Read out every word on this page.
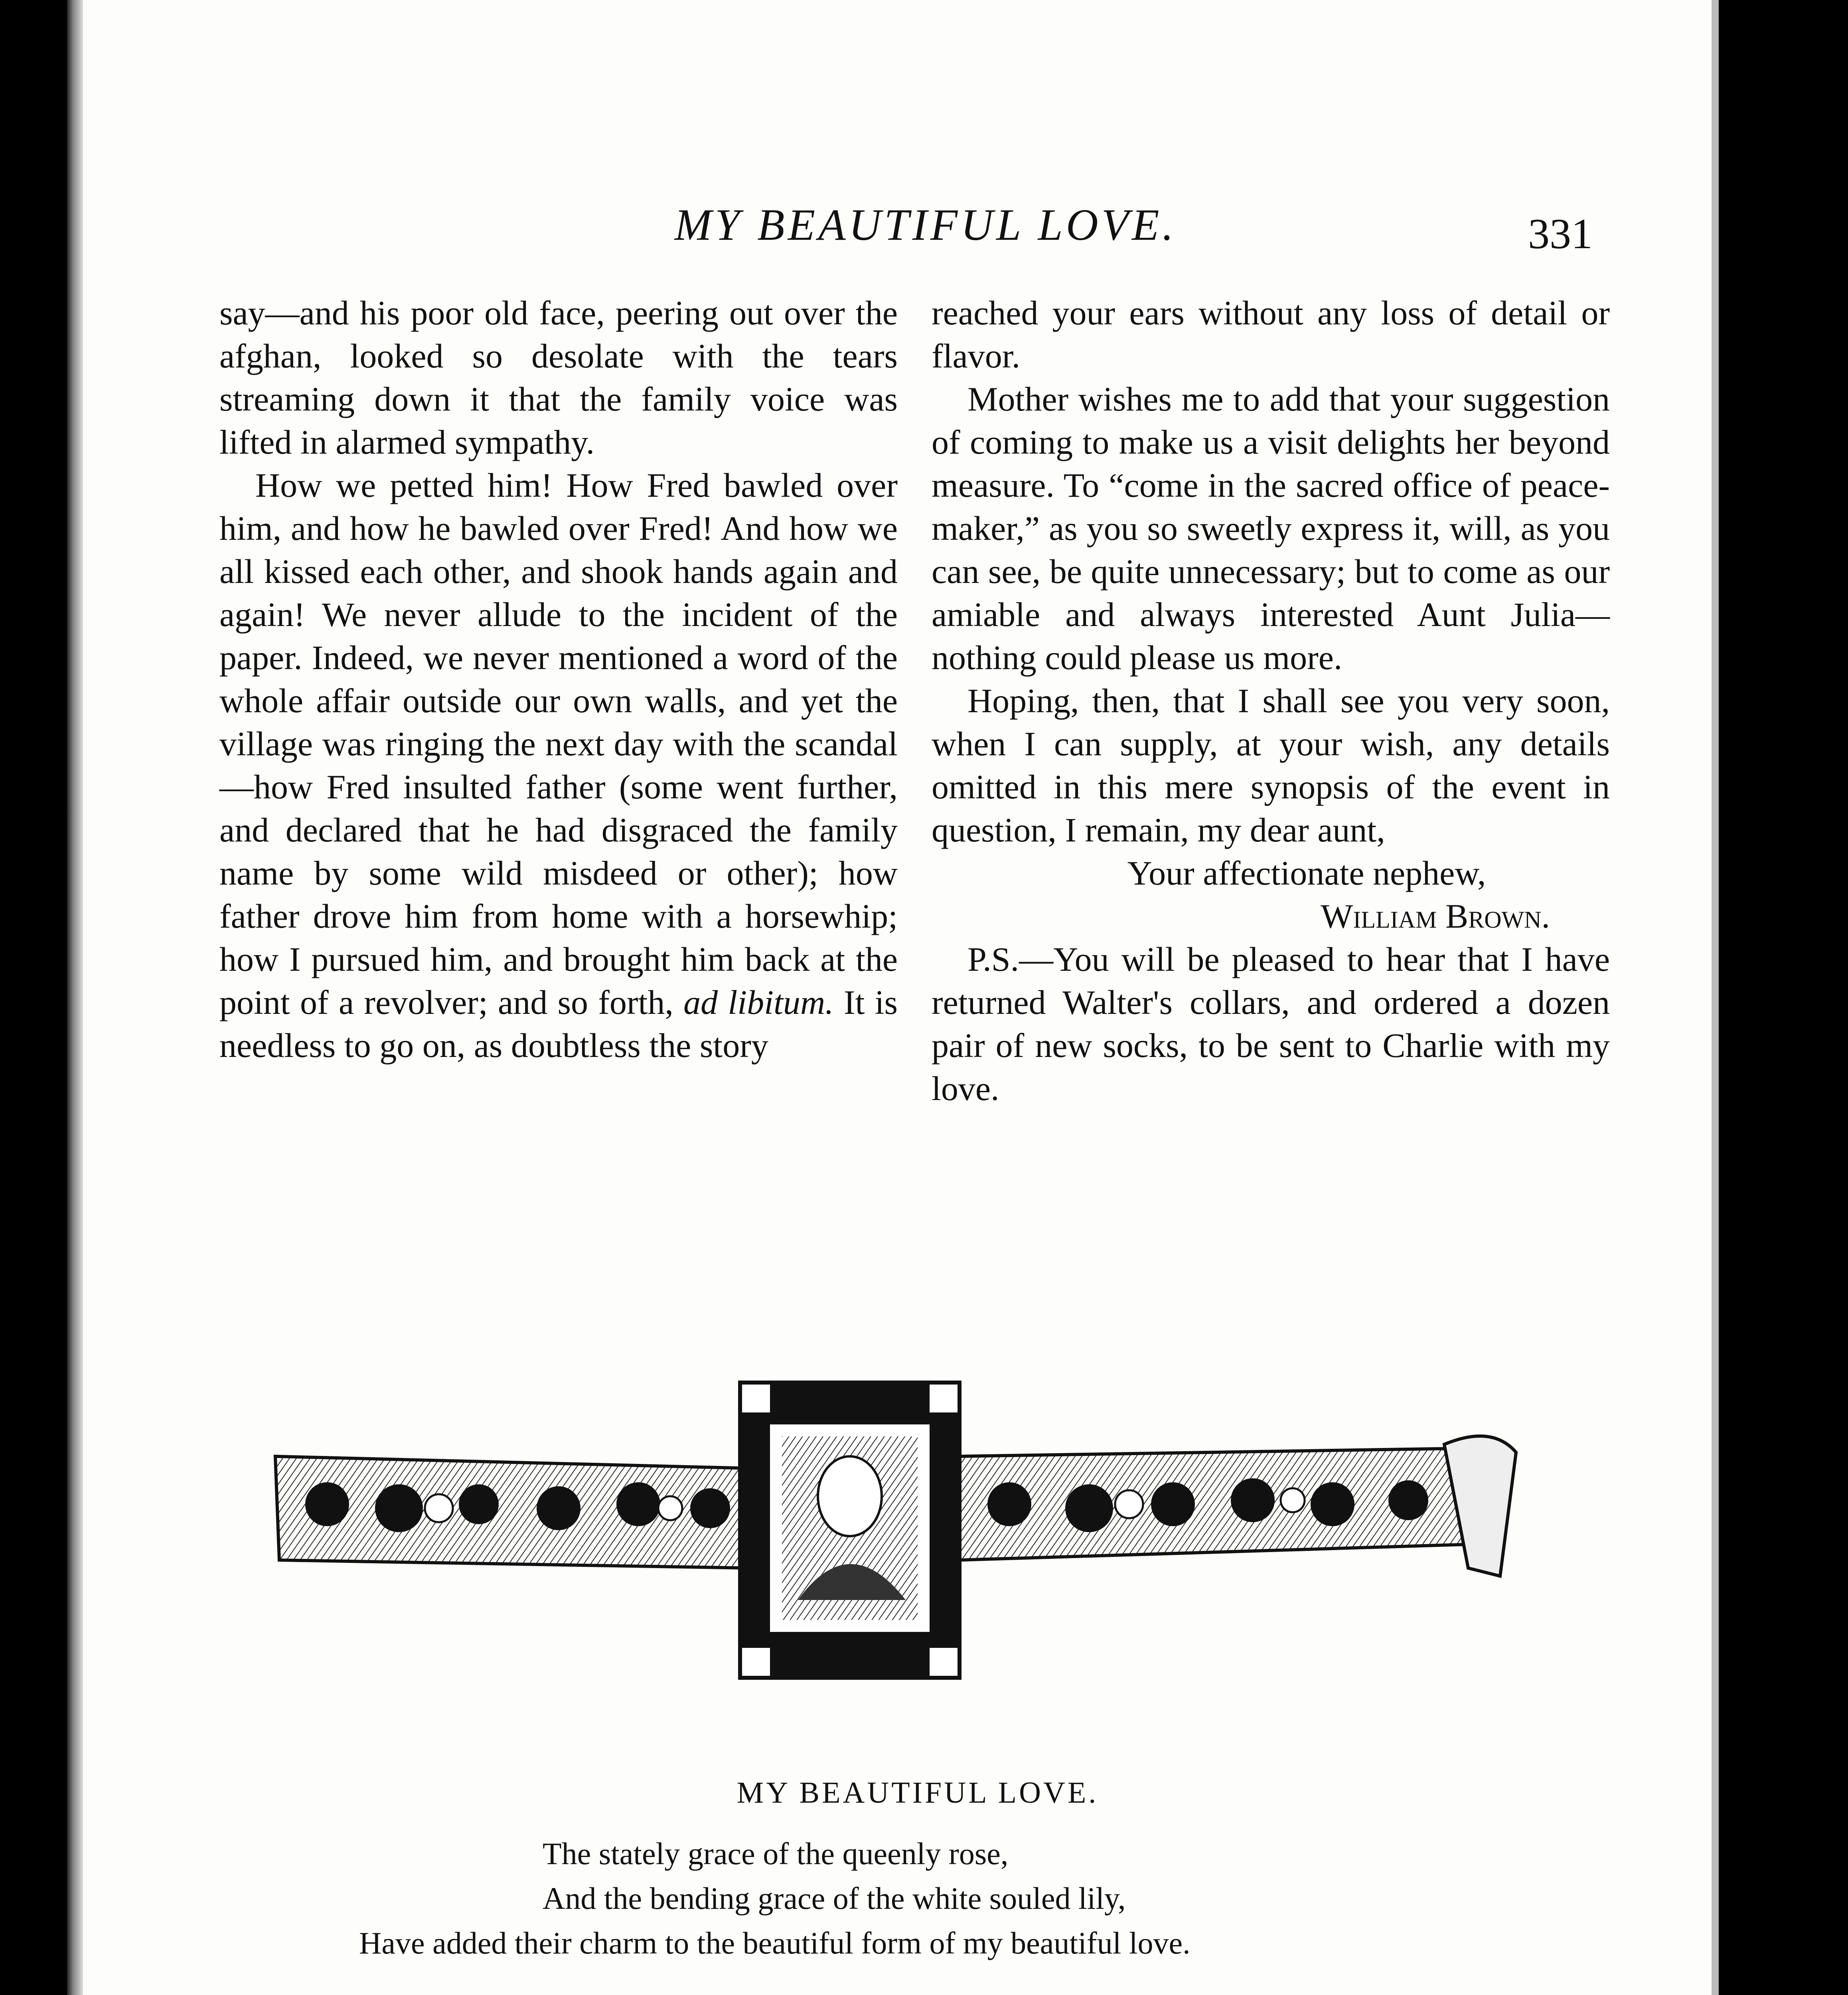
MY BEAUTIFUL LOVE.	331

say—and his poor old face, peering out over the afghan, looked so desolate with the tears streaming down it that the family voice was lifted in alarmed sympathy.

How we petted him! How Fred bawled over him, and how he bawled over Fred! And how we all kissed each other, and shook hands again and again! We never allude to the incident of the paper. Indeed, we never mentioned a word of the whole affair outside our own walls, and yet the village was ringing the next day with the scandal—how Fred insulted father (some went further, and declared that he had disgraced the family name by some wild misdeed or other); how father drove him from home with a horsewhip; how I pursued him, and brought him back at the point of a revolver; and so forth, ad libitum. It is needless to go on, as doubtless the story

reached your ears without any loss of detail or flavor.

Mother wishes me to add that your suggestion of coming to make us a visit delights her beyond measure. To “come in the sacred office of peace-maker,” as you so sweetly express it, will, as you can see, be quite unnecessary; but to come as our amiable and always interested Aunt Julia—nothing could please us more.

Hoping, then, that I shall see you very soon, when I can supply, at your wish, any details omitted in this mere synopsis of the event in question, I remain, my dear aunt,

Your affectionate nephew,

William Brown.

P.S.—You will be pleased to hear that I have returned Walter's collars, and ordered a dozen pair of new socks, to be sent to Charlie with my love.

MY BEAUTIFUL LOVE.
The stately grace of the queenly rose,
And the bending grace of the white souled lily,
Have added their charm to the beautiful form of my beautiful love.
